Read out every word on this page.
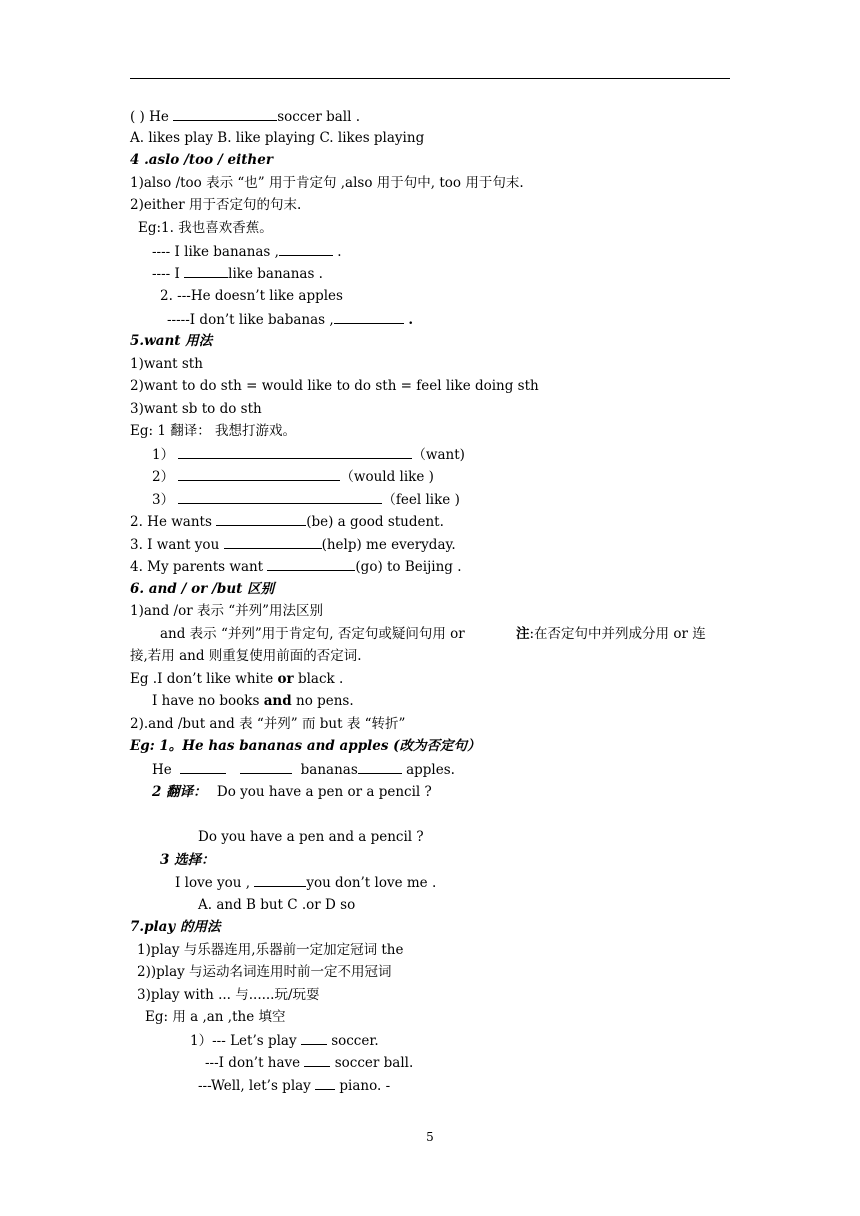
( ) He	soccer ball .
A. likes play B. like playing C. likes playing
4 .aslo /too / either
1)also /too 表示 “也” 用于肯定句 ,also 用于句中, too 用于句末.
2)either 用于否定句的句末.
Eg:1. 我也喜欢香蕉。
---- I like bananas ,	.
---- I	like bananas .
2. ---He doesn’t like apples
-----I don’t like babanas ,	.
5.want 用法
1)want sth
2)want to do sth = would like to do sth = feel like doing sth
3)want sb to do sth
Eg: 1 翻译： 我想打游戏。
1）	（want)
2）	（would like )
3）	（feel like )
2. He wants	(be) a good student.
3. I want you	(help) me everyday.
4. My parents want	(go) to Beijing .
6. and / or /but 区别
1)and /or 表示 “并列”用法区别
and 表示 “并列”用于肯定句, 否定句或疑问句用 or	注:在否定句中并列成分用 or 连
接,若用 and 则重复使用前面的否定词.
Eg .I don’t like white or black .
I have no books and no pens.
2).and /but and 表 “并列” 而 but 表 “转折”
Eg: 1。He has bananas and apples (改为否定句）
He	bananas	apples.
2 翻译： Do you have a pen or a pencil ?
Do you have a pen and a pencil ?
3 选择：
I love you ,	you don’t love me .
A. and B but C .or D so
7.play 的用法
1)play 与乐器连用,乐器前一定加定冠词 the
2))play 与运动名词连用时前一定不用冠词
3)play with ... 与......玩/玩耍
Eg: 用 a ,an ,the 填空
1）--- Let’s play	soccer.
---I don’t have	soccer ball.
---Well, let’s play piano. -
5
